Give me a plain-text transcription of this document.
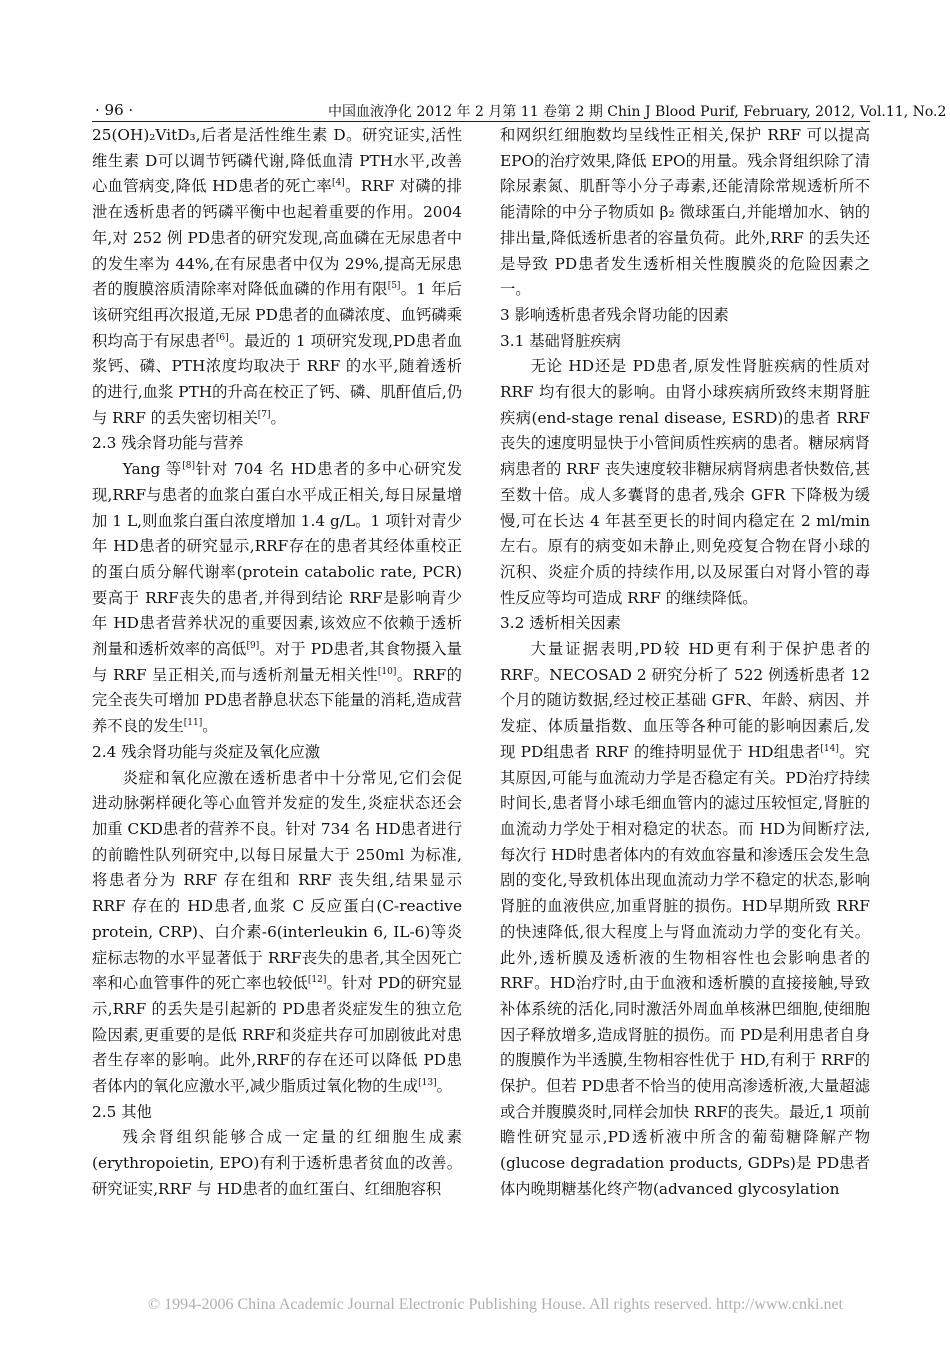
· 96 ·	中国血液净化 2012 年 2 月第 11 卷第 2 期 Chin J Blood Purif, February, 2012, Vol.11, No.2

25(OH)₂VitD₃,后者是活性维生素 D。研究证实,活性维生素 D可以调节钙磷代谢,降低血清 PTH水平,改善心血管病变,降低 HD患者的死亡率[4]。RRF 对磷的排泄在透析患者的钙磷平衡中也起着重要的作用。2004 年,对 252 例 PD患者的研究发现,高血磷在无尿患者中的发生率为 44%,在有尿患者中仅为 29%,提高无尿患者的腹膜溶质清除率对降低血磷的作用有限[5]。1 年后该研究组再次报道,无尿 PD患者的血磷浓度、血钙磷乘积均高于有尿患者[6]。最近的 1 项研究发现,PD患者血浆钙、磷、PTH浓度均取决于 RRF 的水平,随着透析的进行,血浆 PTH的升高在校正了钙、磷、肌酐值后,仍与 RRF 的丢失密切相关[7]。

2.3 残余肾功能与营养

Yang 等[8]针对 704 名 HD患者的多中心研究发现,RRF与患者的血浆白蛋白水平成正相关,每日尿量增加 1 L,则血浆白蛋白浓度增加 1.4 g/L。1 项针对青少年 HD患者的研究显示,RRF存在的患者其经体重校正的蛋白质分解代谢率(protein catabolic rate, PCR)要高于 RRF丧失的患者,并得到结论 RRF是影响青少年 HD患者营养状况的重要因素,该效应不依赖于透析剂量和透析效率的高低[9]。对于 PD患者,其食物摄入量与 RRF 呈正相关,而与透析剂量无相关性[10]。RRF的完全丧失可增加 PD患者静息状态下能量的消耗,造成营养不良的发生[11]。

2.4 残余肾功能与炎症及氧化应激

炎症和氧化应激在透析患者中十分常见,它们会促进动脉粥样硬化等心血管并发症的发生,炎症状态还会加重 CKD患者的营养不良。针对 734 名 HD患者进行的前瞻性队列研究中,以每日尿量大于 250ml 为标准,将患者分为 RRF 存在组和 RRF 丧失组,结果显示 RRF 存在的 HD患者,血浆 C 反应蛋白(C-reactive protein, CRP)、白介素-6(interleukin 6, IL-6)等炎症标志物的水平显著低于 RRF丧失的患者,其全因死亡率和心血管事件的死亡率也较低[12]。针对 PD的研究显示,RRF 的丢失是引起新的 PD患者炎症发生的独立危险因素,更重要的是低 RRF和炎症共存可加剧彼此对患者生存率的影响。此外,RRF的存在还可以降低 PD患者体内的氧化应激水平,减少脂质过氧化物的生成[13]。

2.5 其他

残余肾组织能够合成一定量的红细胞生成素(erythropoietin, EPO)有利于透析患者贫血的改善。研究证实,RRF 与 HD患者的血红蛋白、红细胞容积

和网织红细胞数均呈线性正相关,保护 RRF 可以提高 EPO的治疗效果,降低 EPO的用量。残余肾组织除了清除尿素氮、肌酐等小分子毒素,还能清除常规透析所不能清除的中分子物质如 β₂ 微球蛋白,并能增加水、钠的排出量,降低透析患者的容量负荷。此外,RRF 的丢失还是导致 PD患者发生透析相关性腹膜炎的危险因素之一。

3 影响透析患者残余肾功能的因素
3.1 基础肾脏疾病

无论 HD还是 PD患者,原发性肾脏疾病的性质对 RRF 均有很大的影响。由肾小球疾病所致终末期肾脏疾病(end-stage renal disease, ESRD)的患者 RRF丧失的速度明显快于小管间质性疾病的患者。糖尿病肾病患者的 RRF 丧失速度较非糖尿病肾病患者快数倍,甚至数十倍。成人多囊肾的患者,残余 GFR 下降极为缓慢,可在长达 4 年甚至更长的时间内稳定在 2 ml/min 左右。原有的病变如未静止,则免疫复合物在肾小球的沉积、炎症介质的持续作用,以及尿蛋白对肾小管的毒性反应等均可造成 RRF 的继续降低。

3.2 透析相关因素

大量证据表明,PD较 HD更有利于保护患者的 RRF。NECOSAD 2 研究分析了 522 例透析患者 12 个月的随访数据,经过校正基础 GFR、年龄、病因、并发症、体质量指数、血压等各种可能的影响因素后,发现 PD组患者 RRF 的维持明显优于 HD组患者[14]。究其原因,可能与血流动力学是否稳定有关。PD治疗持续时间长,患者肾小球毛细血管内的滤过压较恒定,肾脏的血流动力学处于相对稳定的状态。而 HD为间断疗法,每次行 HD时患者体内的有效血容量和渗透压会发生急剧的变化,导致机体出现血流动力学不稳定的状态,影响肾脏的血液供应,加重肾脏的损伤。HD早期所致 RRF的快速降低,很大程度上与肾血流动力学的变化有关。此外,透析膜及透析液的生物相容性也会影响患者的 RRF。HD治疗时,由于血液和透析膜的直接接触,导致补体系统的活化,同时激活外周血单核淋巴细胞,使细胞因子释放增多,造成肾脏的损伤。而 PD是利用患者自身的腹膜作为半透膜,生物相容性优于 HD,有利于 RRF的保护。但若 PD患者不恰当的使用高渗透析液,大量超滤或合并腹膜炎时,同样会加快 RRF的丧失。最近,1 项前瞻性研究显示,PD透析液中所含的葡萄糖降解产物(glucose degradation products, GDPs)是 PD患者体内晚期糖基化终产物(advanced glycosylation

© 1994-2006 China Academic Journal Electronic Publishing House. All rights reserved. http://www.cnki.net
